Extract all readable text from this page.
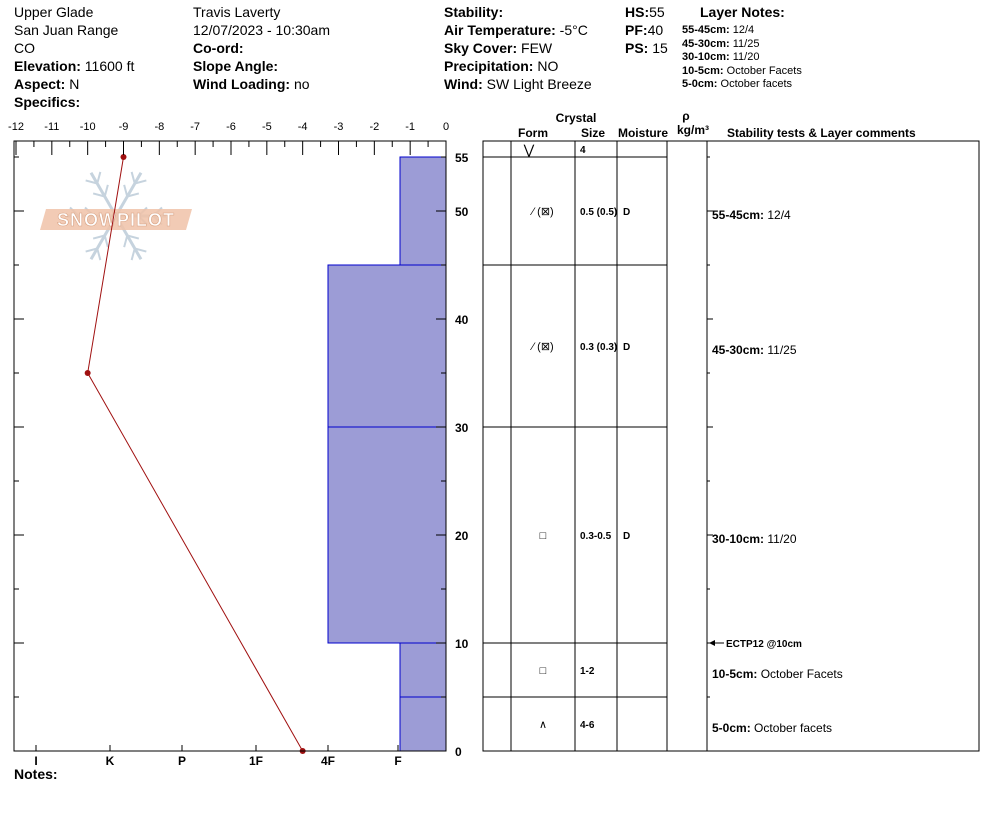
Upper Glade
San Juan Range
CO
Elevation: 11600 ft
Aspect: N
Specifics:
Travis Laverty
12/07/2023 - 10:30am
Co-ord:
Slope Angle:
Wind Loading: no
Stability:
Air Temperature: -5°C
Sky Cover: FEW
Precipitation: NO
Wind: SW Light Breeze
HS:55
PF:40
PS: 15
Layer Notes:
55-45cm: 12/4
45-30cm: 11/25
30-10cm: 11/20
10-5cm: October Facets
5-0cm: October facets
SNOWPILOT
-12 -11 -10 -9 -8 -7 -6 -5 -4 -3 -2 -1	0
0
10
20
30
40
50
55
I	K	P	1F	4F	F
Crystal
Form	Size Moisture
ρ
kg/m³ Stability tests & Layer comments
⋁	4
⁄ (⊠)	0.5 (0.5) D	55-45cm: 12/4
⁄ (⊠)	0.3 (0.3) D	45-30cm: 11/25
□	0.3-0.5 D	30-10cm: 11/20
□	1-2	10-5cm: October Facets
∧	4-6	5-0cm: October facets
ECTP12 @10cm
Notes:
